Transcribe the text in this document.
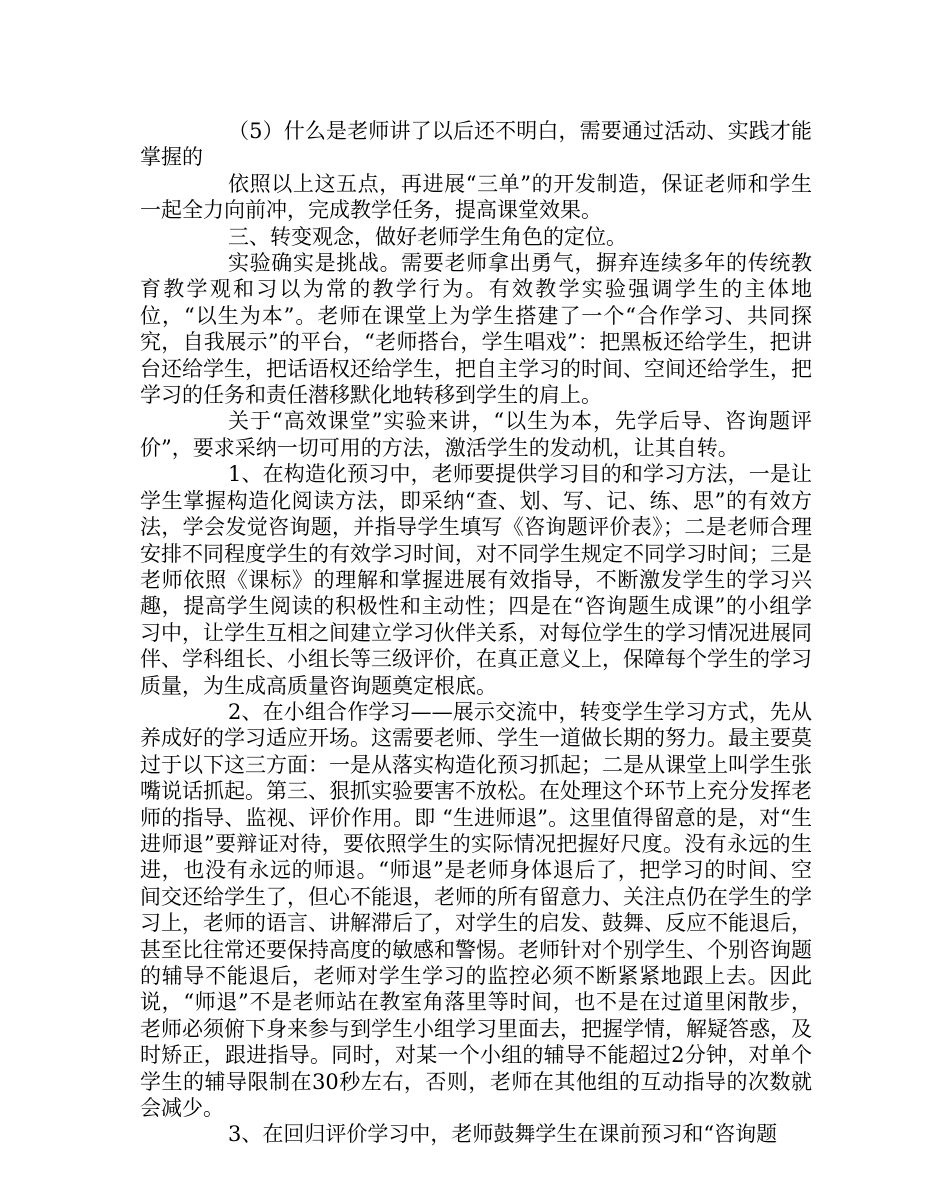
（5）什么是老师讲了以后还不明白，需要通过活动、实践才能掌握的

依照以上这五点，再进展“三单”的开发制造，保证老师和学生一起全力向前冲，完成教学任务，提高课堂效果。

三、转变观念，做好老师学生角色的定位。

实验确实是挑战。需要老师拿出勇气，摒弃连续多年的传统教育教学观和习以为常的教学行为。有效教学实验强调学生的主体地位，“以生为本”。老师在课堂上为学生搭建了一个“合作学习、共同探究，自我展示”的平台，“老师搭台，学生唱戏”：把黑板还给学生，把讲台还给学生，把话语权还给学生，把自主学习的时间、空间还给学生，把学习的任务和责任潜移默化地转移到学生的肩上。

关于“高效课堂”实验来讲，“以生为本，先学后导、咨询题评价”，要求采纳一切可用的方法，激活学生的发动机，让其自转。

1、在构造化预习中，老师要提供学习目的和学习方法，一是让学生掌握构造化阅读方法，即采纳“查、划、写、记、练、思”的有效方法，学会发觉咨询题，并指导学生填写《咨询题评价表》；二是老师合理安排不同程度学生的有效学习时间，对不同学生规定不同学习时间；三是老师依照《课标》的理解和掌握进展有效指导，不断激发学生的学习兴趣，提高学生阅读的积极性和主动性；四是在“咨询题生成课”的小组学习中，让学生互相之间建立学习伙伴关系，对每位学生的学习情况进展同伴、学科组长、小组长等三级评价，在真正意义上，保障每个学生的学习质量，为生成高质量咨询题奠定根底。

2、在小组合作学习——展示交流中，转变学生学习方式，先从养成好的学习适应开场。这需要老师、学生一道做长期的努力。最主要莫过于以下这三方面：一是从落实构造化预习抓起；二是从课堂上叫学生张嘴说话抓起。第三、狠抓实验要害不放松。在处理这个环节上充分发挥老师的指导、监视、评价作用。即 “生进师退”。这里值得留意的是，对“生进师退”要辩证对待，要依照学生的实际情况把握好尺度。没有永远的生进，也没有永远的师退。“师退”是老师身体退后了，把学习的时间、空间交还给学生了，但心不能退，老师的所有留意力、关注点仍在学生的学习上，老师的语言、讲解滞后了，对学生的启发、鼓舞、反应不能退后，甚至比往常还要保持高度的敏感和警惕。老师针对个别学生、个别咨询题的辅导不能退后，老师对学生学习的监控必须不断紧紧地跟上去。因此说，“师退”不是老师站在教室角落里等时间，也不是在过道里闲散步，老师必须俯下身来参与到学生小组学习里面去，把握学情，解疑答惑，及时矫正，跟进指导。同时，对某一个小组的辅导不能超过2分钟，对单个学生的辅导限制在30秒左右，否则，老师在其他组的互动指导的次数就会减少。

3、在回归评价学习中，老师鼓舞学生在课前预习和“咨询题
